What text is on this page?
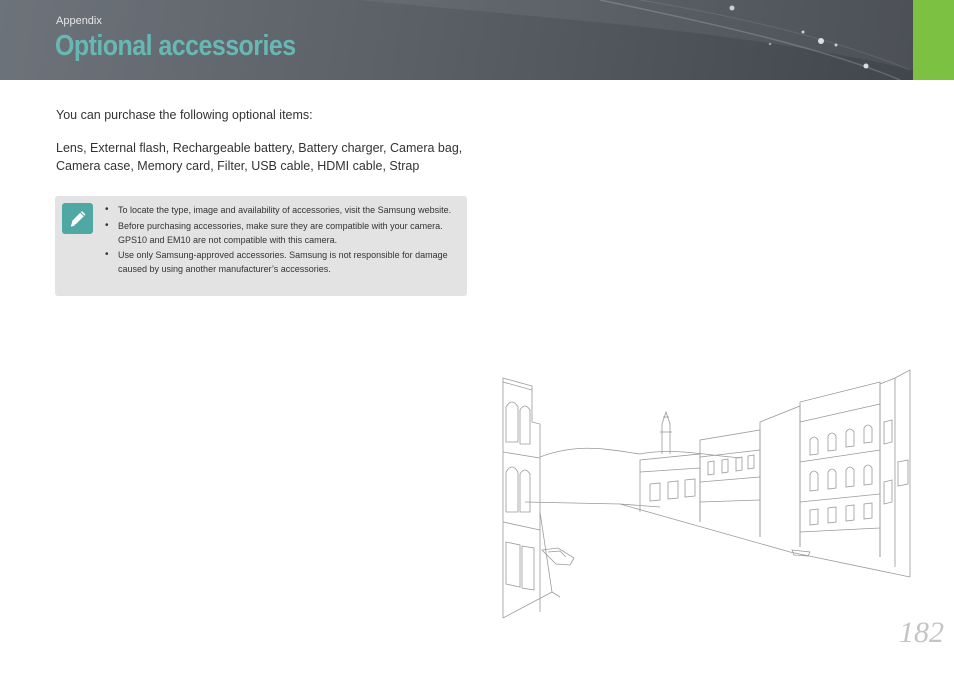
Appendix
Optional accessories
You can purchase the following optional items:
Lens, External flash, Rechargeable battery, Battery charger, Camera bag, Camera case, Memory card, Filter, USB cable, HDMI cable, Strap
• To locate the type, image and availability of accessories, visit the Samsung website.
• Before purchasing accessories, make sure they are compatible with your camera. GPS10 and EM10 are not compatible with this camera.
• Use only Samsung-approved accessories. Samsung is not responsible for damage caused by using another manufacturer’s accessories.
182
